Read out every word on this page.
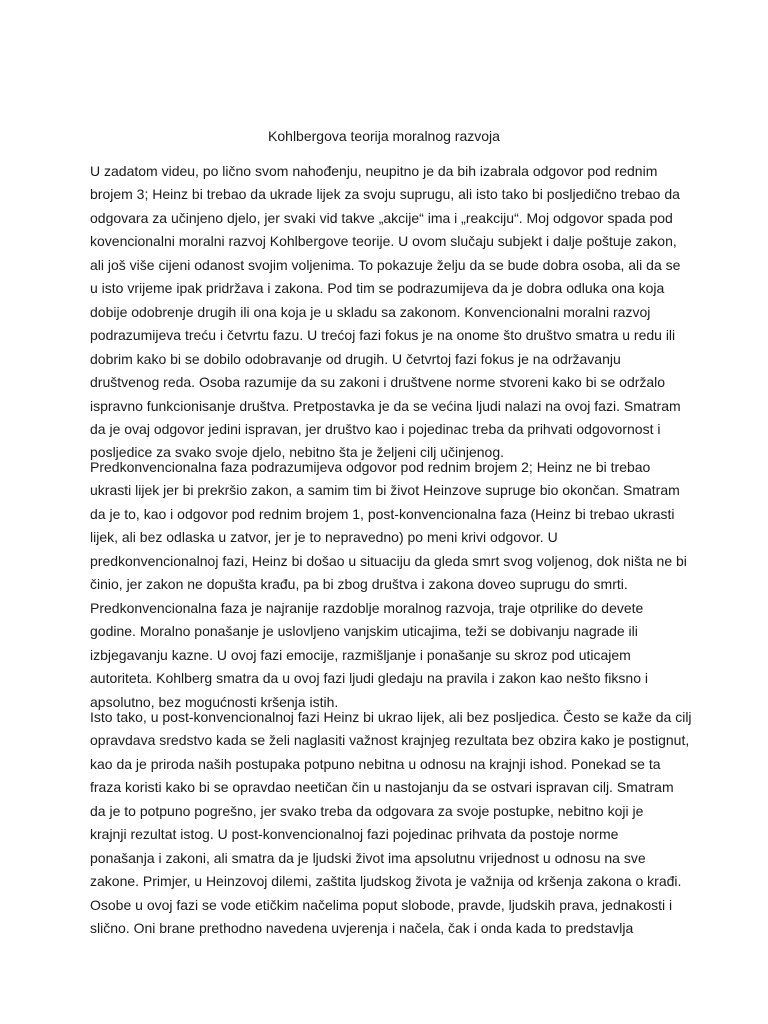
Kohlbergova teorija moralnog razvoja

U zadatom videu, po lično svom nahođenju, neupitno je da bih izabrala odgovor pod rednim
brojem 3; Heinz bi trebao da ukrade lijek za svoju suprugu, ali isto tako bi posljedično trebao da
odgovara za učinjeno djelo, jer svaki vid takve „akcije“ ima i „reakciju“. Moj odgovor spada pod
kovencionalni moralni razvoj Kohlbergove teorije. U ovom slučaju subjekt i dalje poštuje zakon,
ali još više cijeni odanost svojim voljenima. To pokazuje želju da se bude dobra osoba, ali da se
u isto vrijeme ipak pridržava i zakona. Pod tim se podrazumijeva da je dobra odluka ona koja
dobije odobrenje drugih ili ona koja je u skladu sa zakonom. Konvencionalni moralni razvoj
podrazumijeva treću i četvrtu fazu. U trećoj fazi fokus je na onome što društvo smatra u redu ili
dobrim kako bi se dobilo odobravanje od drugih. U četvrtoj fazi fokus je na održavanju
društvenog reda. Osoba razumije da su zakoni i društvene norme stvoreni kako bi se održalo
ispravno funkcionisanje društva. Pretpostavka je da se većina ljudi nalazi na ovoj fazi. Smatram
da je ovaj odgovor jedini ispravan, jer društvo kao i pojedinac treba da prihvati odgovornost i
posljedice za svako svoje djelo, nebitno šta je željeni cilj učinjenog.

Predkonvencionalna faza podrazumijeva odgovor pod rednim brojem 2; Heinz ne bi trebao
ukrasti lijek jer bi prekršio zakon, a samim tim bi život Heinzove supruge bio okončan. Smatram
da je to, kao i odgovor pod rednim brojem 1, post-konvencionalna faza (Heinz bi trebao ukrasti
lijek, ali bez odlaska u zatvor, jer je to nepravedno) po meni krivi odgovor. U
predkonvencionalnoj fazi, Heinz bi došao u situaciju da gleda smrt svog voljenog, dok ništa ne bi
činio, jer zakon ne dopušta krađu, pa bi zbog društva i zakona doveo suprugu do smrti.
Predkonvencionalna faza je najranije razdoblje moralnog razvoja, traje otprilike do devete
godine. Moralno ponašanje je uslovljeno vanjskim uticajima, teži se dobivanju nagrade ili
izbjegavanju kazne. U ovoj fazi emocije, razmišljanje i ponašanje su skroz pod uticajem
autoriteta. Kohlberg smatra da u ovoj fazi ljudi gledaju na pravila i zakon kao nešto fiksno i
apsolutno, bez mogućnosti kršenja istih.

Isto tako, u post-konvencionalnoj fazi Heinz bi ukrao lijek, ali bez posljedica. Često se kaže da cilj
opravdava sredstvo kada se želi naglasiti važnost krajnjeg rezultata bez obzira kako je postignut,
kao da je priroda naših postupaka potpuno nebitna u odnosu na krajnji ishod. Ponekad se ta
fraza koristi kako bi se opravdao neetičan čin u nastojanju da se ostvari ispravan cilj. Smatram
da je to potpuno pogrešno, jer svako treba da odgovara za svoje postupke, nebitno koji je
krajnji rezultat istog. U post-konvencionalnoj fazi pojedinac prihvata da postoje norme
ponašanja i zakoni, ali smatra da je ljudski život ima apsolutnu vrijednost u odnosu na sve
zakone. Primjer, u Heinzovoj dilemi, zaštita ljudskog života je važnija od kršenja zakona o krađi.
Osobe u ovoj fazi se vode etičkim načelima poput slobode, pravde, ljudskih prava, jednakosti i
slično. Oni brane prethodno navedena uvjerenja i načela, čak i onda kada to predstavlja
